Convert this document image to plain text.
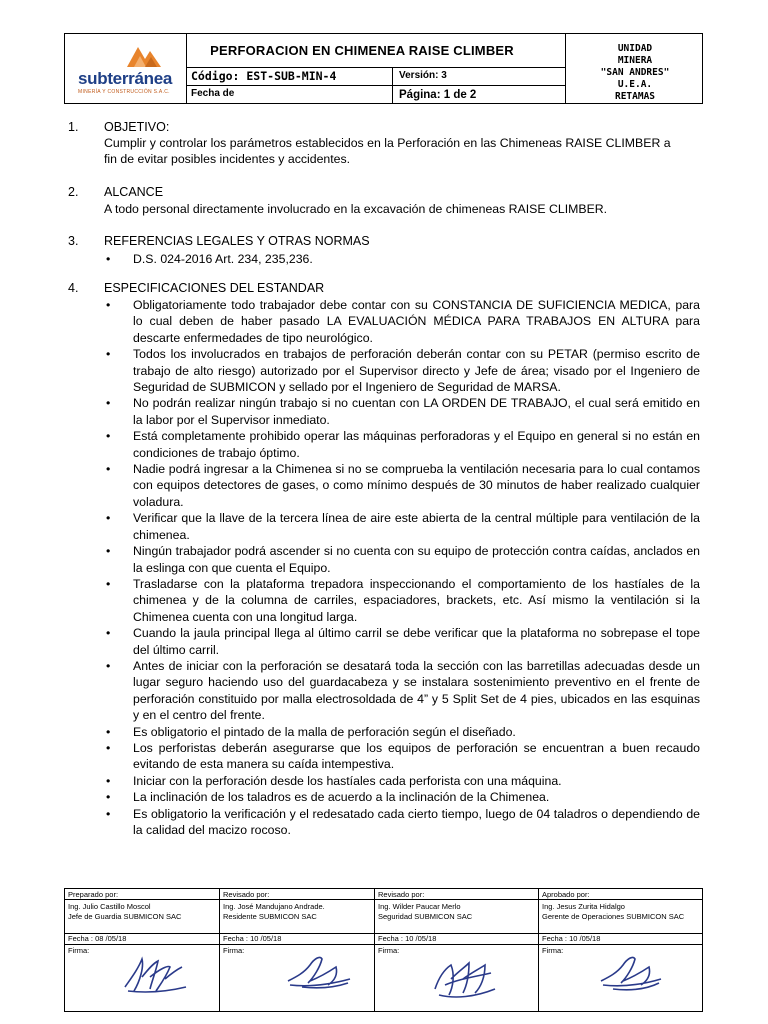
subterránea
MINERÍA Y CONSTRUCCIÓN S.A.C.
PERFORACION EN CHIMENEA RAISE CLIMBER
Código: EST-SUB-MIN-4	Versión: 3
Fecha de	Página: 1 de 2
UNIDAD
MINERA
"SAN ANDRES"
U.E.A.
RETAMAS
1. OBJETIVO:
Cumplir y controlar los parámetros establecidos en la Perforación en las Chimeneas RAISE CLIMBER a
fin de evitar posibles incidentes y accidentes.
2. ALCANCE
A todo personal directamente involucrado en la excavación de chimeneas RAISE CLIMBER.
3. REFERENCIAS LEGALES Y OTRAS NORMAS
• D.S. 024-2016 Art. 234, 235,236.
4. ESPECIFICACIONES DEL ESTANDAR
• Obligatoriamente todo trabajador debe contar con su CONSTANCIA DE SUFICIENCIA MEDICA, para lo cual deben de haber pasado LA EVALUACIÓN MÉDICA PARA TRABAJOS EN ALTURA para descarte enfermedades de tipo neurológico.
• Todos los involucrados en trabajos de perforación deberán contar con su PETAR (permiso escrito de trabajo de alto riesgo) autorizado por el Supervisor directo y Jefe de área; visado por el Ingeniero de Seguridad de SUBMICON y sellado por el Ingeniero de Seguridad de MARSA.
• No podrán realizar ningún trabajo si no cuentan con LA ORDEN DE TRABAJO, el cual será emitido en la labor por el Supervisor inmediato.
• Está completamente prohibido operar las máquinas perforadoras y el Equipo en general si no están en condiciones de trabajo óptimo.
• Nadie podrá ingresar a la Chimenea si no se comprueba la ventilación necesaria para lo cual contamos con equipos detectores de gases, o como mínimo después de 30 minutos de haber realizado cualquier voladura.
• Verificar que la llave de la tercera línea de aire este abierta de la central múltiple para ventilación de la chimenea.
• Ningún trabajador podrá ascender si no cuenta con su equipo de protección contra caídas, anclados en la eslinga con que cuenta el Equipo.
• Trasladarse con la plataforma trepadora inspeccionando el comportamiento de los hastíales de la chimenea y de la columna de carriles, espaciadores, brackets, etc. Así mismo la ventilación si la Chimenea cuenta con una longitud larga.
• Cuando la jaula principal llega al último carril se debe verificar que la plataforma no sobrepase el tope del último carril.
• Antes de iniciar con la perforación se desatará toda la sección con las barretillas adecuadas desde un lugar seguro haciendo uso del guardacabeza y se instalara sostenimiento preventivo en el frente de perforación constituido por malla electrosoldada de 4” y 5 Split Set de 4 pies, ubicados en las esquinas y en el centro del frente.
• Es obligatorio el pintado de la malla de perforación según el diseñado.
• Los perforistas deberán asegurarse que los equipos de perforación se encuentran a buen recaudo evitando de esta manera su caída intempestiva.
• Iniciar con la perforación desde los hastíales cada perforista con una máquina.
• La inclinación de los taladros es de acuerdo a la inclinación de la Chimenea.
• Es obligatorio la verificación y el redesatado cada cierto tiempo, luego de 04 taladros o dependiendo de la calidad del macizo rocoso.
Preparado por:
Ing. Julio Castillo Moscol
Jefe de Guardia SUBMICON SAC
Fecha : 08 /05/18
Firma:
Revisado por:
Ing. José Mandujano Andrade.
Residente SUBMICON SAC
Fecha : 10 /05/18
Firma:
Revisado por:
Ing. Wilder Paucar Merlo
Seguridad SUBMICON SAC
Fecha : 10 /05/18
Firma:
Aprobado por:
Ing. Jesus Zurita Hidalgo
Gerente de Operaciones SUBMICON SAC
Fecha : 10 /05/18
Firma:
